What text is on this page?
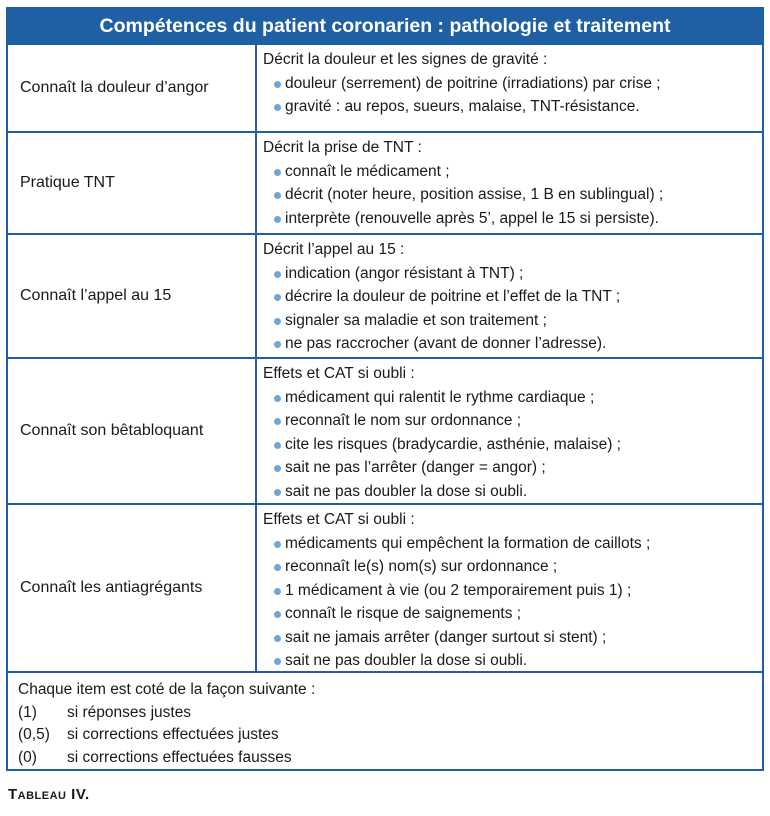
Compétences du patient coronarien : pathologie et traitement
Connaît la douleur d’angor
Décrit la douleur et les signes de gravité :
douleur (serrement) de poitrine (irradiations) par crise ;
gravité : au repos, sueurs, malaise, TNT-résistance.
Pratique TNT
Décrit la prise de TNT :
connaît le médicament ;
décrit (noter heure, position assise, 1 B en sublingual) ;
interprète (renouvelle après 5’, appel le 15 si persiste).
Connaît l’appel au 15
Décrit l’appel au 15 :
indication (angor résistant à TNT) ;
décrire la douleur de poitrine et l’effet de la TNT ;
signaler sa maladie et son traitement ;
ne pas raccrocher (avant de donner l’adresse).
Connaît son bêtabloquant
Effets et CAT si oubli :
médicament qui ralentit le rythme cardiaque ;
reconnaît le nom sur ordonnance ;
cite les risques (bradycardie, asthénie, malaise) ;
sait ne pas l’arrêter (danger = angor) ;
sait ne pas doubler la dose si oubli.
Connaît les antiagrégants
Effets et CAT si oubli :
médicaments qui empêchent la formation de caillots ;
reconnaît le(s) nom(s) sur ordonnance ;
1 médicament à vie (ou 2 temporairement puis 1) ;
connaît le risque de saignements ;
sait ne jamais arrêter (danger surtout si stent) ;
sait ne pas doubler la dose si oubli.
Chaque item est coté de la façon suivante :
(1) si réponses justes
(0,5) si corrections effectuées justes
(0) si corrections effectuées fausses
Tableau IV.
